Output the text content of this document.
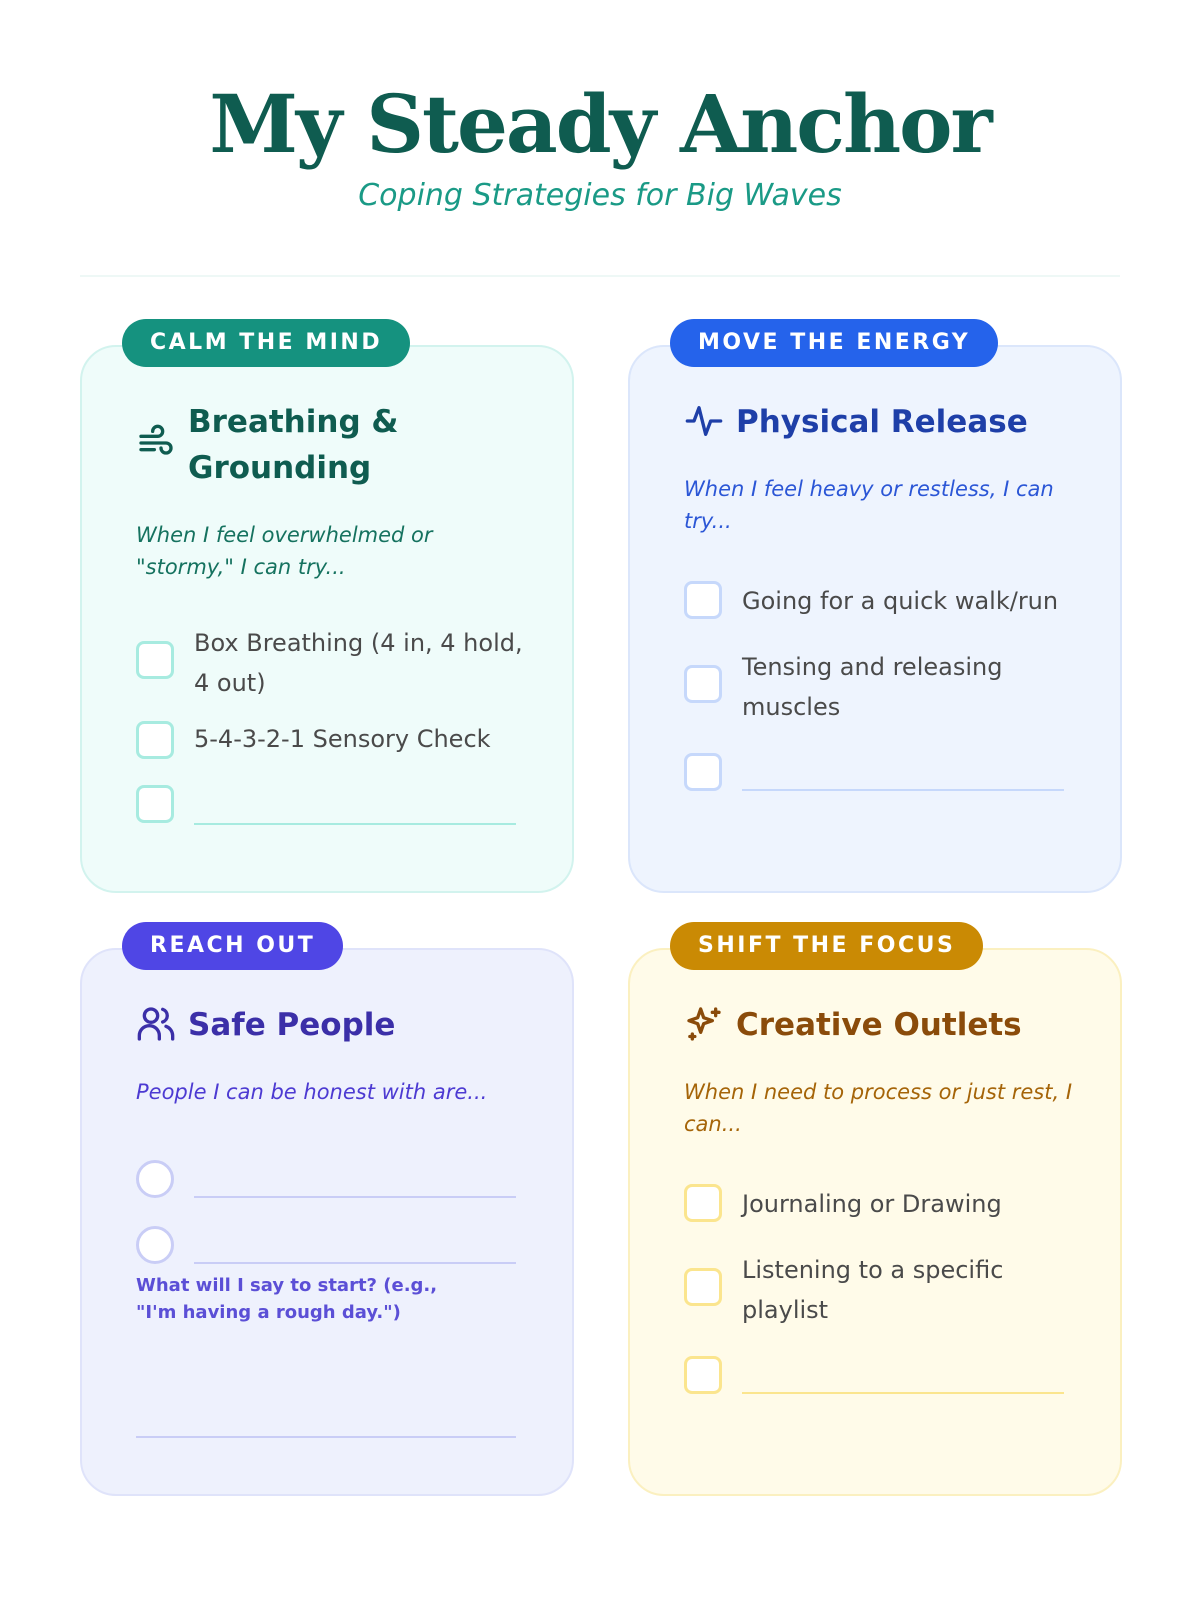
My Steady Anchor
Coping Strategies for Big Waves
CALM THE MIND
Breathing & Grounding
When I feel overwhelmed or "stormy," I can try...
Box Breathing (4 in, 4 hold, 4 out)
5-4-3-2-1 Sensory Check
MOVE THE ENERGY
Physical Release
When I feel heavy or restless, I can try...
Going for a quick walk/run
Tensing and releasing muscles
REACH OUT
Safe People
People I can be honest with are...
What will I say to start? (e.g., "I'm having a rough day.")
SHIFT THE FOCUS
Creative Outlets
When I need to process or just rest, I can...
Journaling or Drawing
Listening to a specific playlist
